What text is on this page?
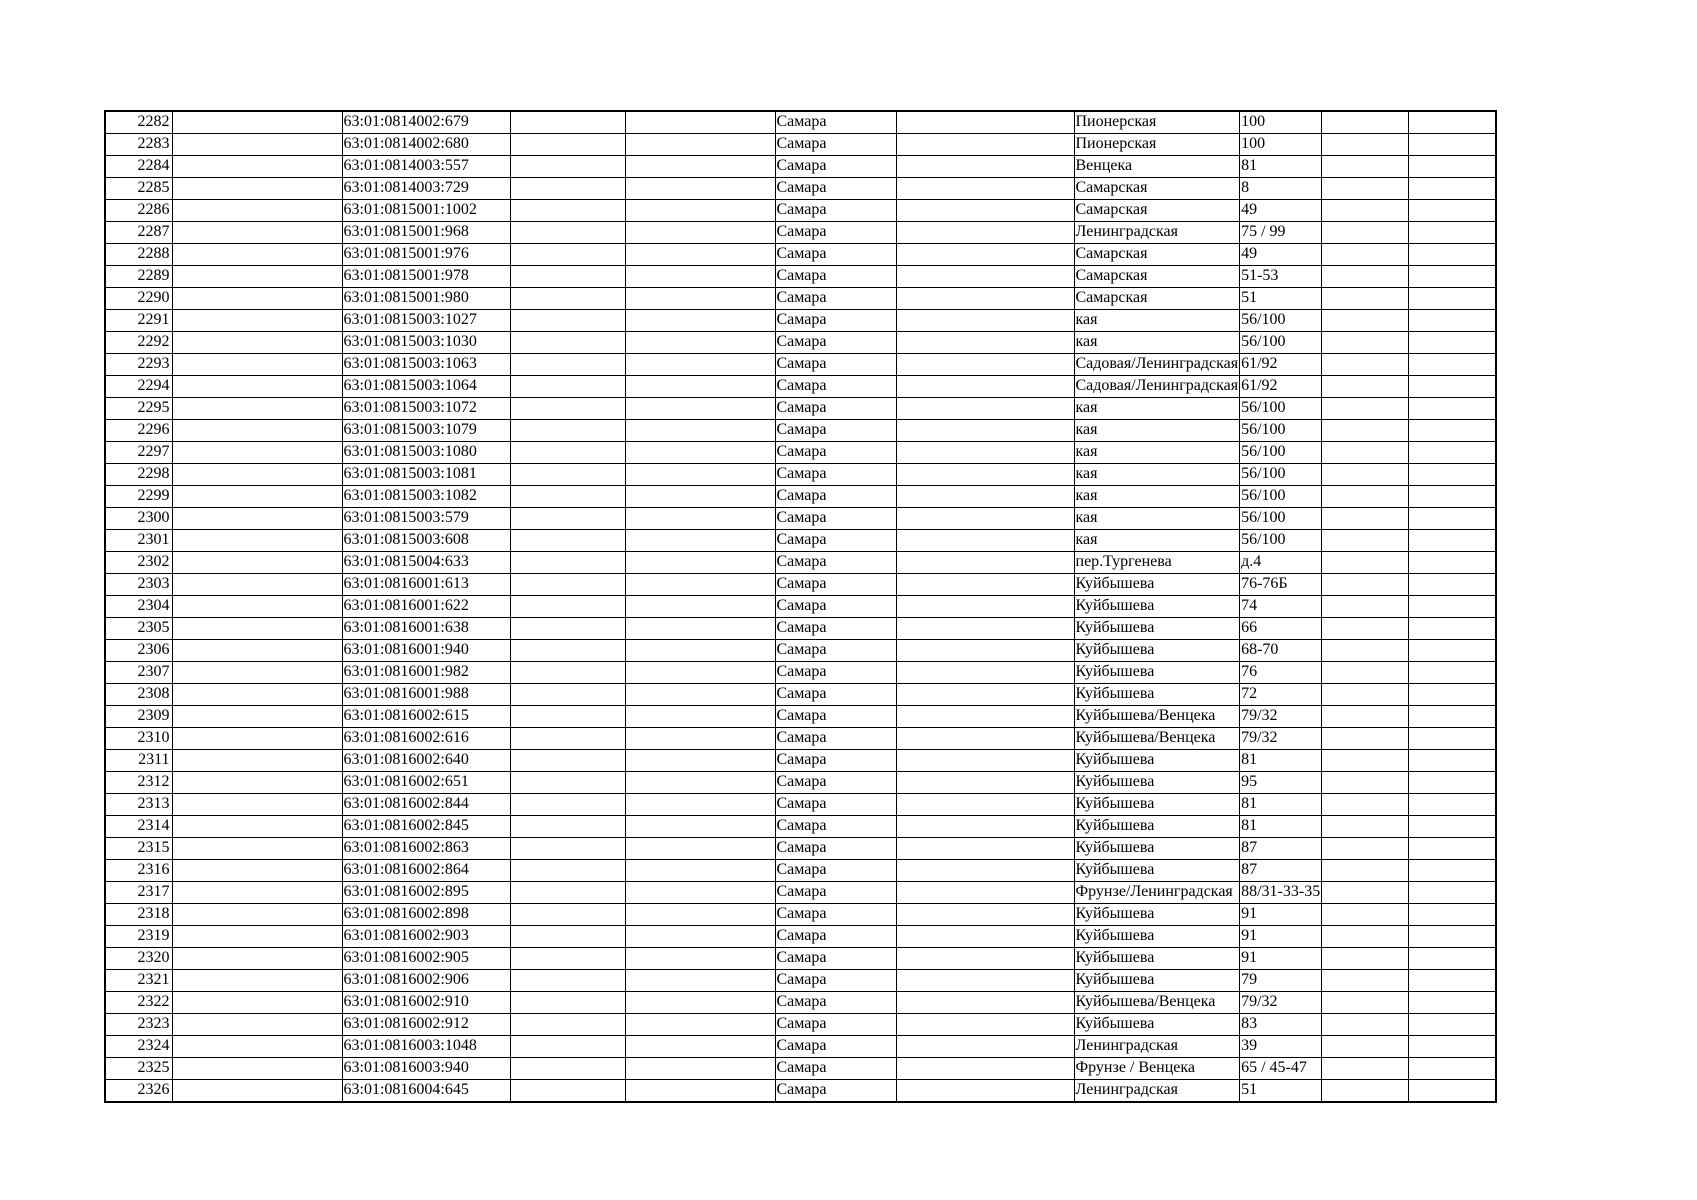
2282		63:01:0814002:679			Самара		Пионерская	100		
2283		63:01:0814002:680			Самара		Пионерская	100		
2284		63:01:0814003:557			Самара		Венцека	81		
2285		63:01:0814003:729			Самара		Самарская	8		
2286		63:01:0815001:1002			Самара		Самарская	49		
2287		63:01:0815001:968			Самара		Ленинградская	75 / 99		
2288		63:01:0815001:976			Самара		Самарская	49		
2289		63:01:0815001:978			Самара		Самарская	51-53		
2290		63:01:0815001:980			Самара		Самарская	51		
2291		63:01:0815003:1027			Самара		кая	56/100		
2292		63:01:0815003:1030			Самара		кая	56/100		
2293		63:01:0815003:1063			Самара		Садовая/Ленинградская	61/92		
2294		63:01:0815003:1064			Самара		Садовая/Ленинградская	61/92		
2295		63:01:0815003:1072			Самара		кая	56/100		
2296		63:01:0815003:1079			Самара		кая	56/100		
2297		63:01:0815003:1080			Самара		кая	56/100		
2298		63:01:0815003:1081			Самара		кая	56/100		
2299		63:01:0815003:1082			Самара		кая	56/100		
2300		63:01:0815003:579			Самара		кая	56/100		
2301		63:01:0815003:608			Самара		кая	56/100		
2302		63:01:0815004:633			Самара		пер.Тургенева	д.4		
2303		63:01:0816001:613			Самара		Куйбышева	76-76Б		
2304		63:01:0816001:622			Самара		Куйбышева	74		
2305		63:01:0816001:638			Самара		Куйбышева	66		
2306		63:01:0816001:940			Самара		Куйбышева	68-70		
2307		63:01:0816001:982			Самара		Куйбышева	76		
2308		63:01:0816001:988			Самара		Куйбышева	72		
2309		63:01:0816002:615			Самара		Куйбышева/Венцека	79/32		
2310		63:01:0816002:616			Самара		Куйбышева/Венцека	79/32		
2311		63:01:0816002:640			Самара		Куйбышева	81		
2312		63:01:0816002:651			Самара		Куйбышева	95		
2313		63:01:0816002:844			Самара		Куйбышева	81		
2314		63:01:0816002:845			Самара		Куйбышева	81		
2315		63:01:0816002:863			Самара		Куйбышева	87		
2316		63:01:0816002:864			Самара		Куйбышева	87		
2317		63:01:0816002:895			Самара		Фрунзе/Ленинградская	88/31-33-35		
2318		63:01:0816002:898			Самара		Куйбышева	91		
2319		63:01:0816002:903			Самара		Куйбышева	91		
2320		63:01:0816002:905			Самара		Куйбышева	91		
2321		63:01:0816002:906			Самара		Куйбышева	79		
2322		63:01:0816002:910			Самара		Куйбышева/Венцека	79/32		
2323		63:01:0816002:912			Самара		Куйбышева	83		
2324		63:01:0816003:1048			Самара		Ленинградская	39		
2325		63:01:0816003:940			Самара		Фрунзе / Венцека	65 / 45-47		
2326		63:01:0816004:645			Самара		Ленинградская	51		
